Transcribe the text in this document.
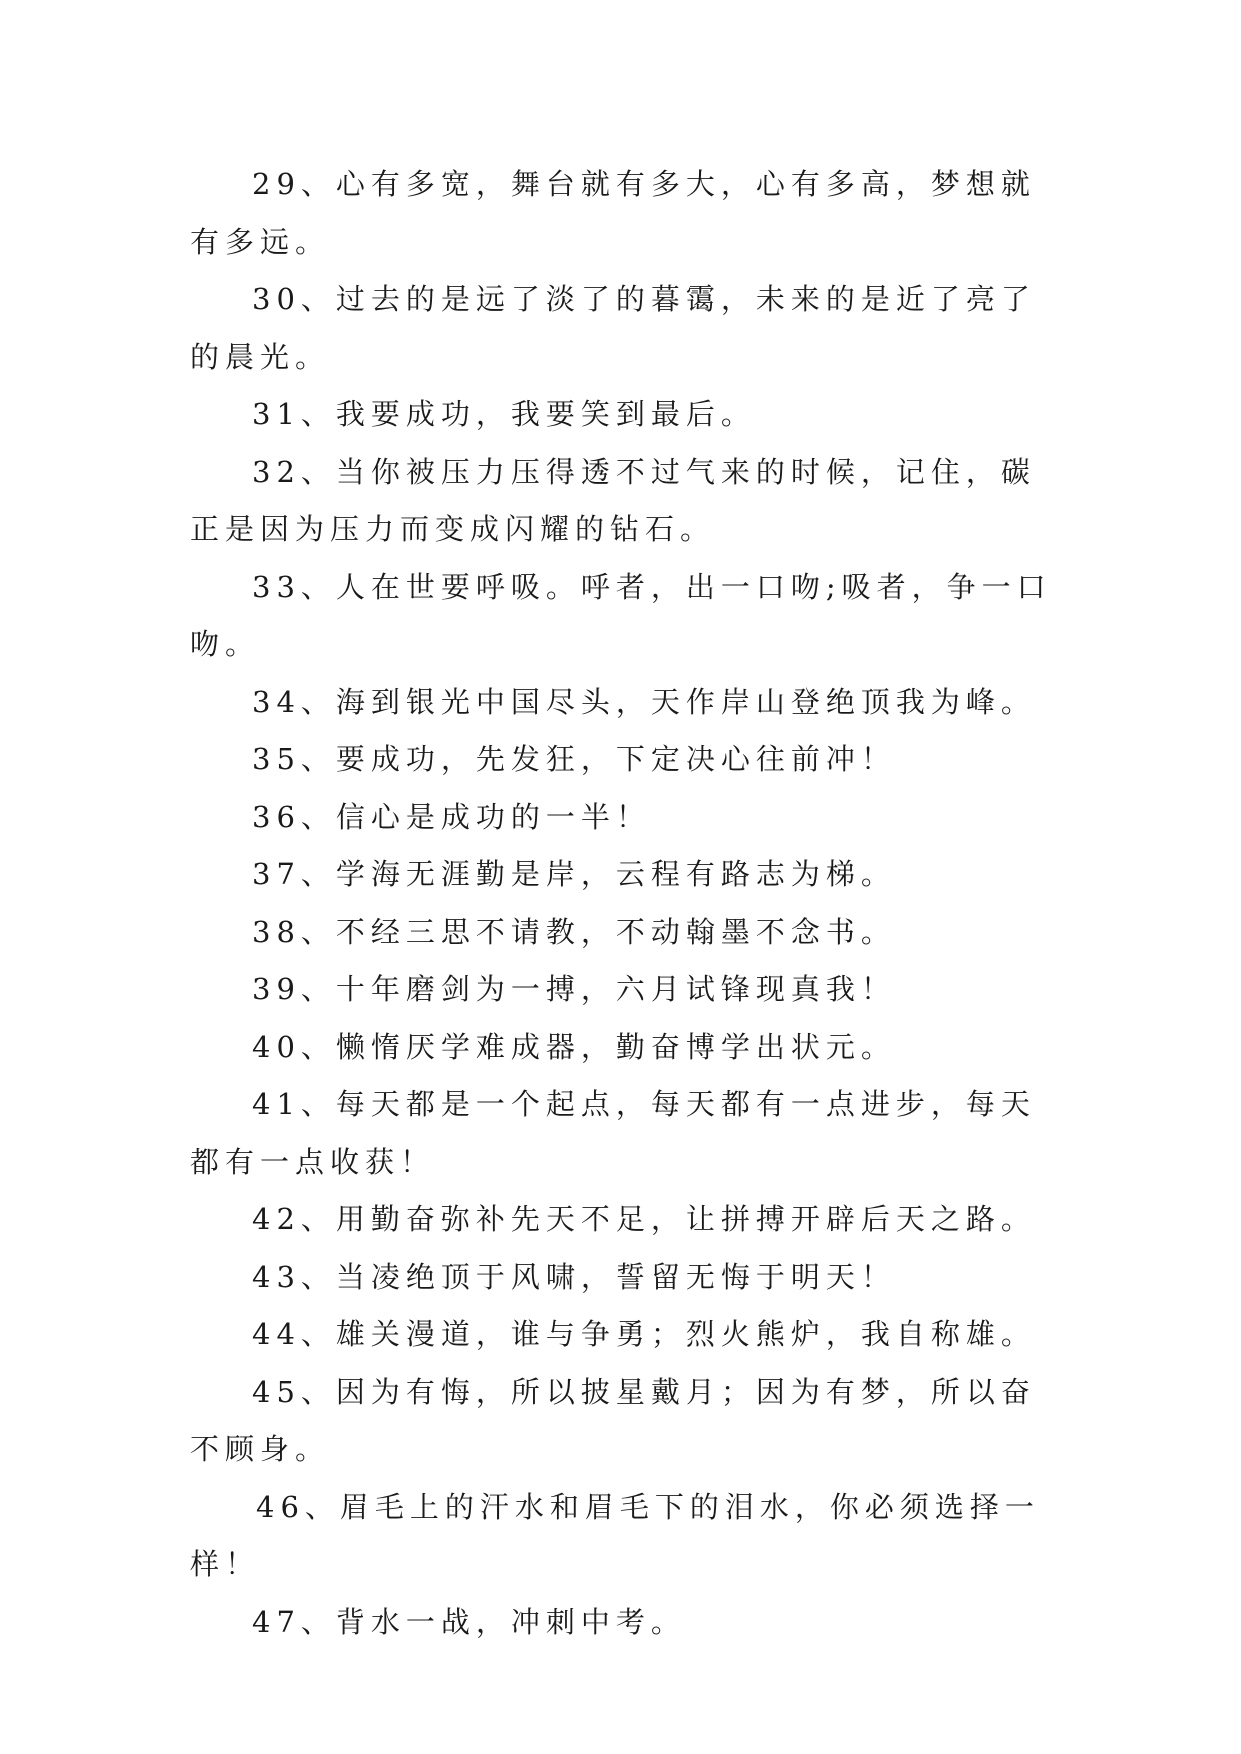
29、心有多宽，舞台就有多大，心有多高，梦想就有多远。

30、过去的是远了淡了的暮霭，未来的是近了亮了的晨光。

31、我要成功，我要笑到最后。

32、当你被压力压得透不过气来的时候，记住，碳正是因为压力而变成闪耀的钻石。

33、人在世要呼吸。呼者，出一口吻;吸者，争一口吻。

34、海到银光中国尽头，天作岸山登绝顶我为峰。

35、要成功，先发狂，下定决心往前冲！

36、信心是成功的一半！

37、学海无涯勤是岸，云程有路志为梯。

38、不经三思不请教，不动翰墨不念书。

39、十年磨剑为一搏，六月试锋现真我！

40、懒惰厌学难成器，勤奋博学出状元。

41、每天都是一个起点，每天都有一点进步，每天都有一点收获！

42、用勤奋弥补先天不足，让拼搏开辟后天之路。

43、当凌绝顶于风啸，誓留无悔于明天！

44、雄关漫道，谁与争勇；烈火熊炉，我自称雄。

45、因为有悔，所以披星戴月；因为有梦，所以奋不顾身。

46、眉毛上的汗水和眉毛下的泪水，你必须选择一样！

47、背水一战，冲刺中考。
